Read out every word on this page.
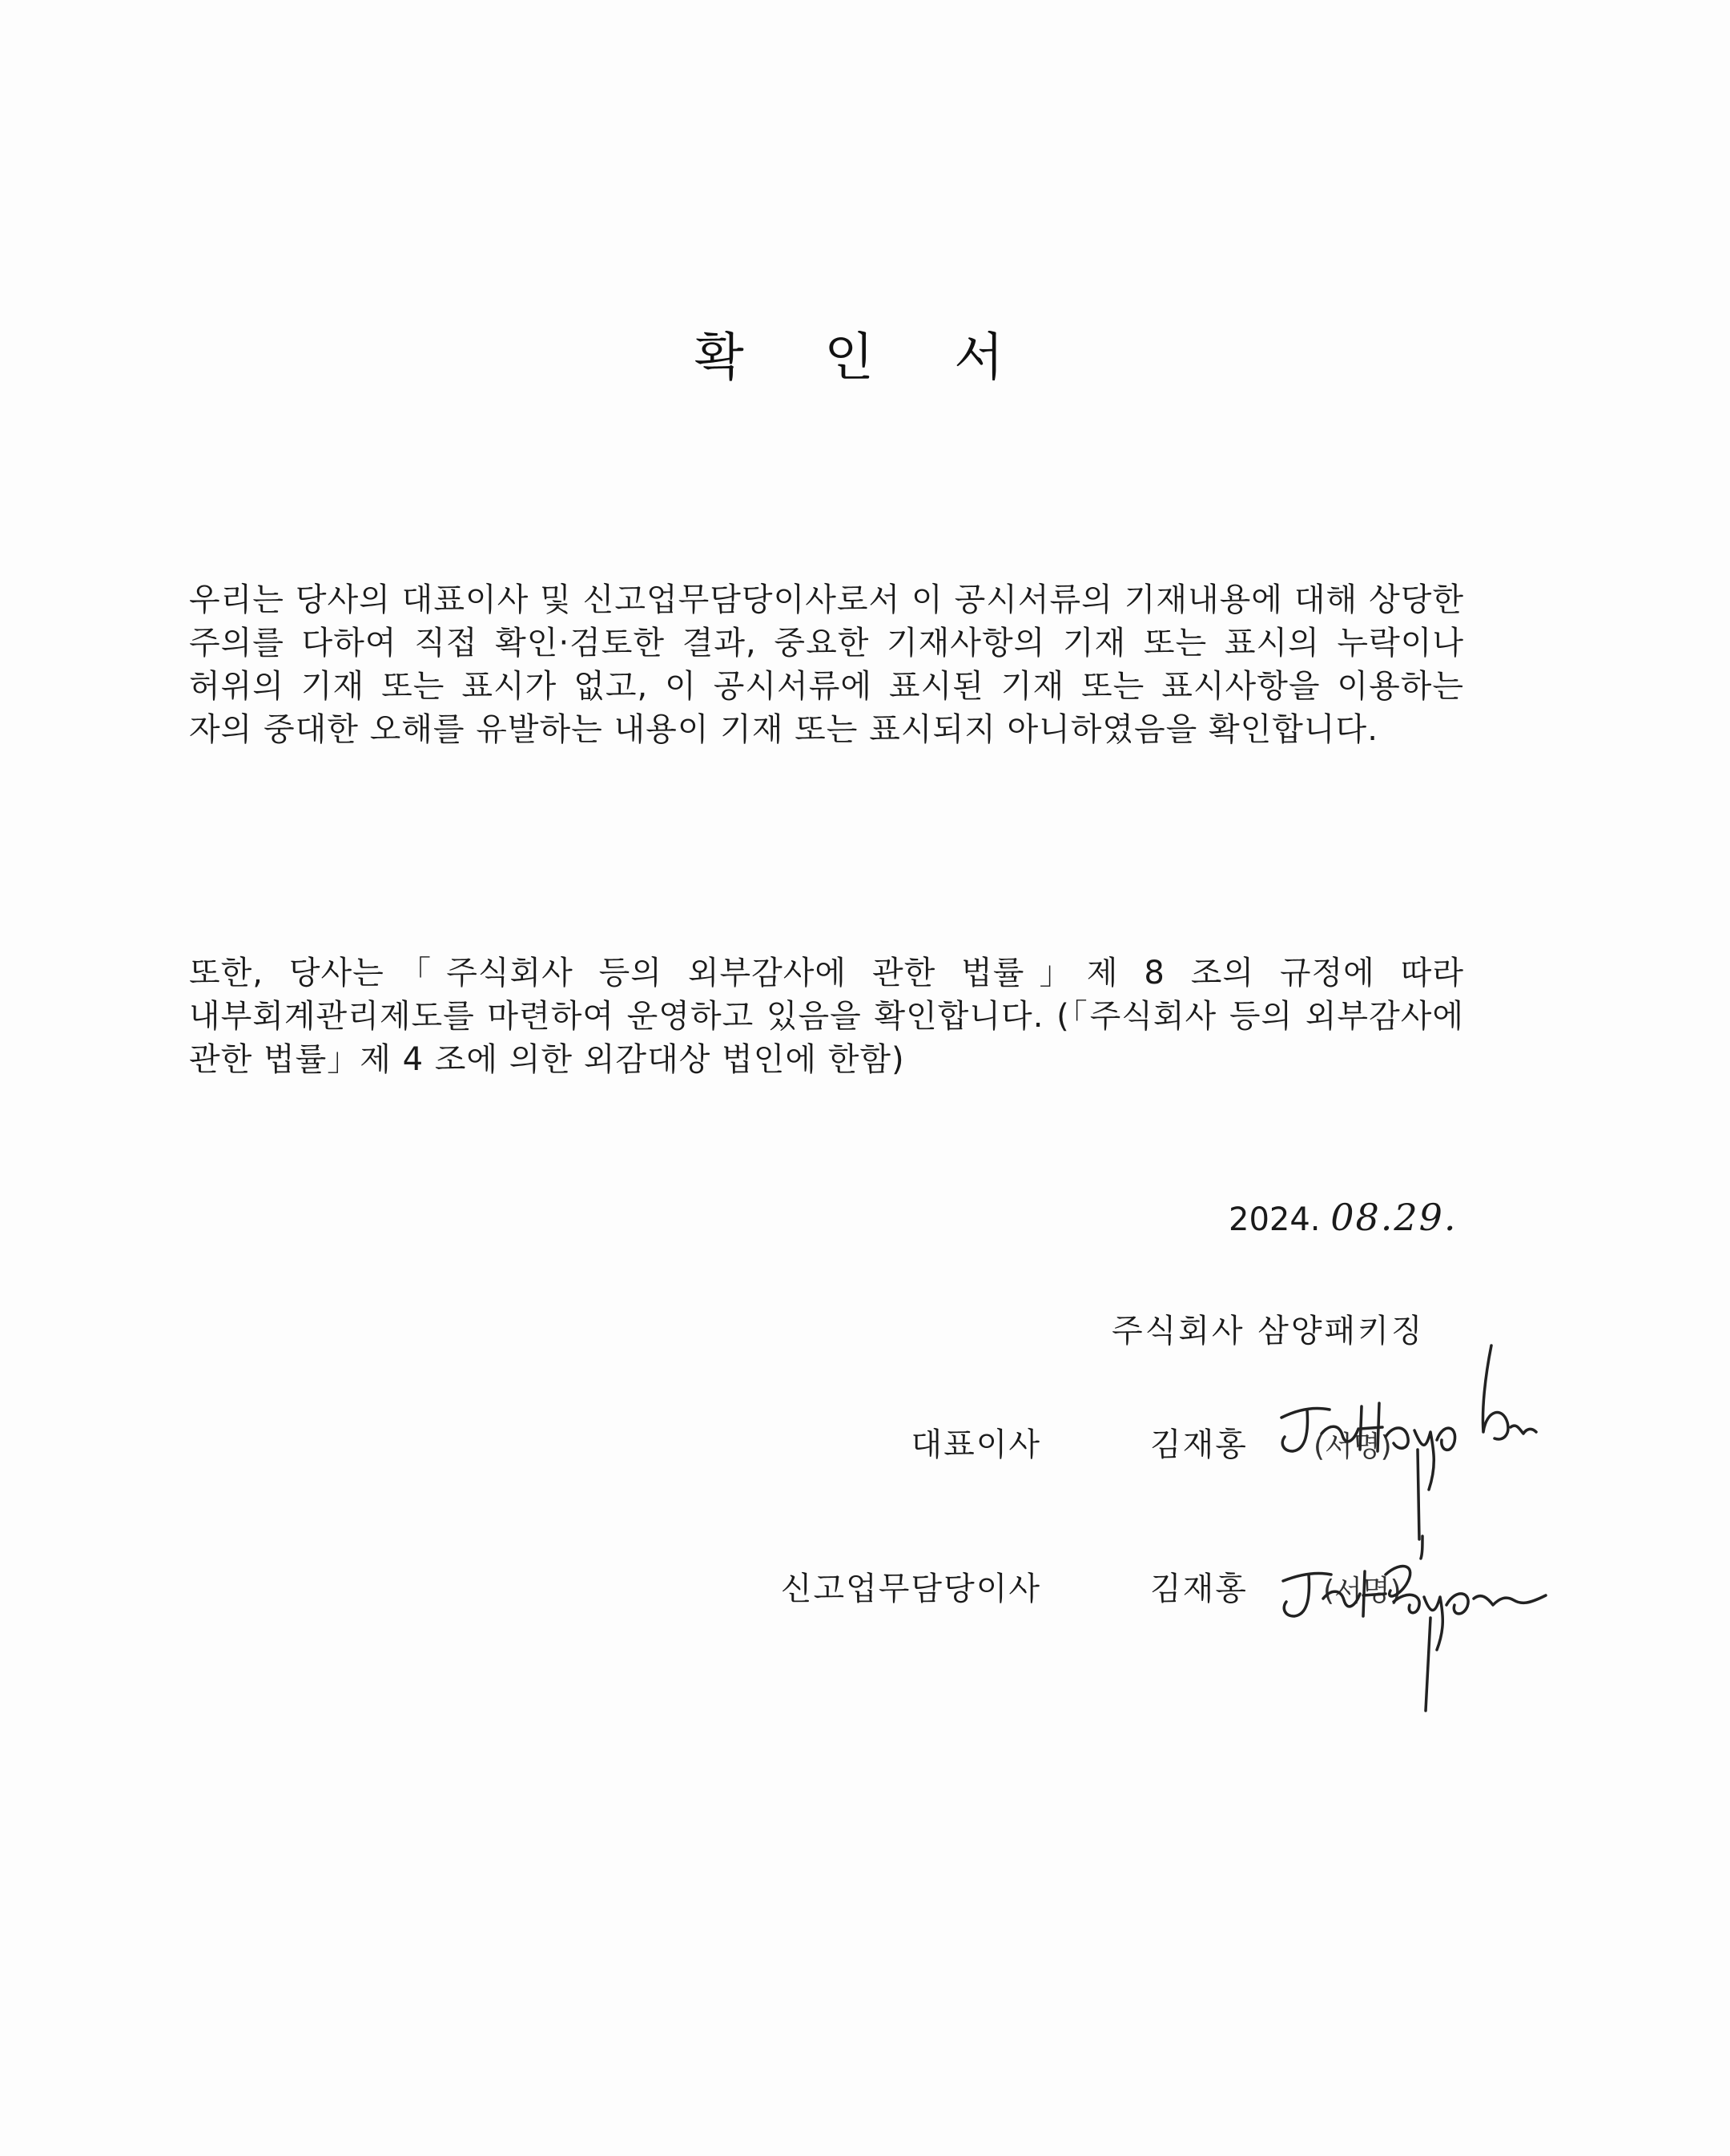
확 인 서
우리는 당사의 대표이사 및 신고업무담당이사로서 이 공시서류의 기재내용에 대해 상당한 주의를 다하여 직접 확인·검토한 결과, 중요한 기재사항의 기재 또는 표시의 누락이나 허위의 기재 또는 표시가 없고, 이 공시서류에 표시된 기재 또는 표시사항을 이용하는 자의 중대한 오해를 유발하는 내용이 기재 또는 표시되지 아니하였음을 확인합니다.
또한, 당사는「주식회사 등의 외부감사에 관한 법률」제 8 조의 규정에 따라 내부회계관리제도를 마련하여 운영하고 있음을 확인합니다. (「주식회사 등의 외부감사에 관한 법률」제 4 조에 의한 외감대상 법인에 한함)
2024. 08.29.
주식회사 삼양패키징
대표이사	김재홍 (서명)
신고업무담당이사	김재홍	(서명)
